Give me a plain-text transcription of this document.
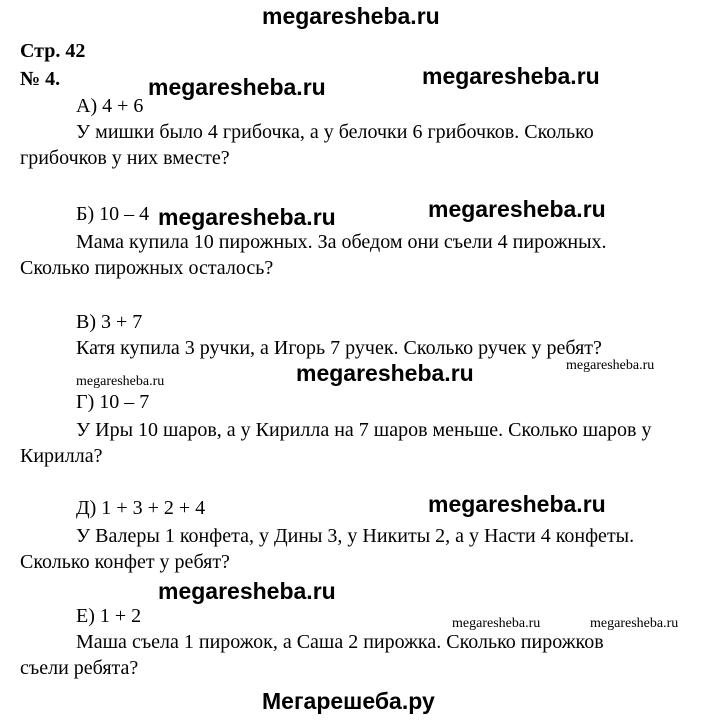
megaresheba.ru
megaresheba.ru	megaresheba.ru
megaresheba.ru	megaresheba.ru
megaresheba.ru	megaresheba.ru	megaresheba.ru
megaresheba.ru
megaresheba.ru
megaresheba.ru	megaresheba.ru
Мегарешеба.ру
Стр. 42
№ 4.
А) 4 + 6
У мишки было 4 грибочка, а у белочки 6 грибочков. Сколько
грибочков у них вместе?
Б) 10 – 4
Мама купила 10 пирожных. За обедом они съели 4 пирожных.
Сколько пирожных осталось?
В) 3 + 7
Катя купила 3 ручки, а Игорь 7 ручек. Сколько ручек у ребят?
Г) 10 – 7
У Иры 10 шаров, а у Кирилла на 7 шаров меньше. Сколько шаров у
Кирилла?
Д) 1 + 3 + 2 + 4
У Валеры 1 конфета, у Дины 3, у Никиты 2, а у Насти 4 конфеты.
Сколько конфет у ребят?
Е) 1 + 2
Маша съела 1 пирожок, а Саша 2 пирожка. Сколько пирожков
съели ребята?
